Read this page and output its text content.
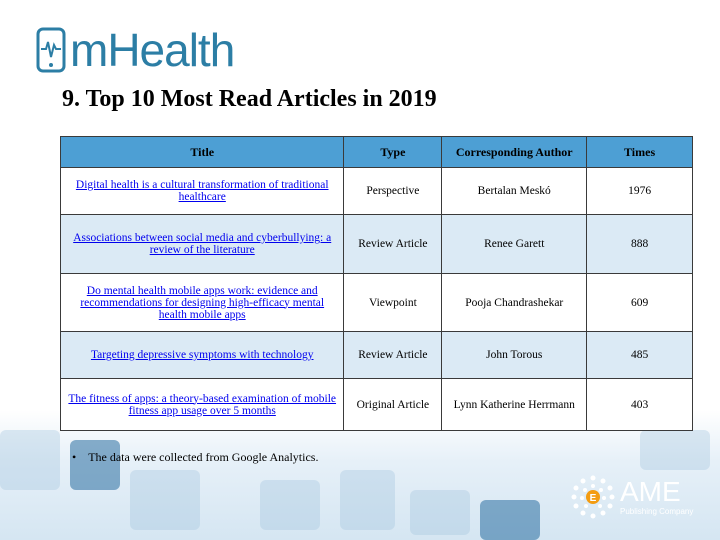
mHealth
9. Top 10 Most Read Articles in 2019
Title	Type	Corresponding Author	Times
Digital health is a cultural transformation of traditional healthcare	Perspective	Bertalan Meskó	1976
Associations between social media and cyberbullying: a review of the literature	Review Article	Renee Garett	888
Do mental health mobile apps work: evidence and recommendations for designing high-efficacy mental health mobile apps	Viewpoint	Pooja Chandrashekar	609
Targeting depressive symptoms with technology	Review Article	John Torous	485
The fitness of apps: a theory-based examination of mobile fitness app usage over 5 months	Original Article	Lynn Katherine Herrmann	403
• The data were collected from Google Analytics.
E AME
Publishing Company
